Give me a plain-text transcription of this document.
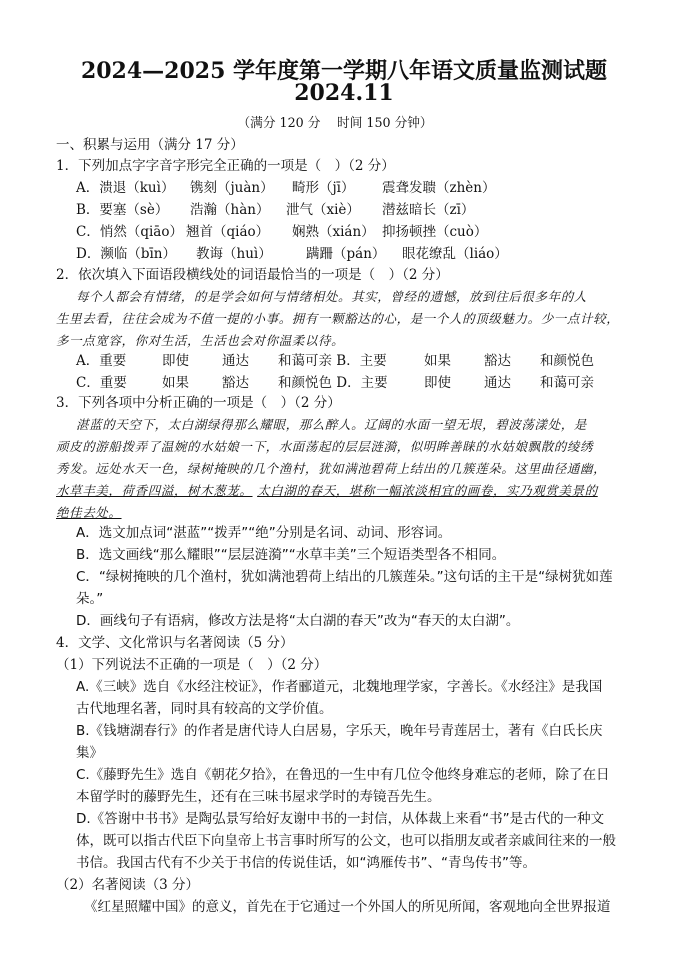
2024—2025 学年度第一学期八年语文质量监测试题
2024.11
（满分 120 分　 时间 150 分钟）
一、积累与运用（满分 17 分）
1．下列加点字字音字形完全正确的一项是（　）（2 分）
A．溃退（kuì） 镌刻（juàn） 畸形（jī） 震聋发聩（zhèn）
B．要塞（sè） 浩瀚（hàn） 泄气（xiè） 潜兹暗长（zī）
C．悄然（qiāo） 翘首（qiáo） 娴熟（xián） 抑扬顿挫（cuò）
D．濒临（bīn） 教诲（huì）	蹒跚（pán） 眼花缭乱（liáo）
2．依次填入下面语段横线处的词语最恰当的一项是（　）（2 分）
每个人都会有情绪，的是学会如何与情绪相处。其实，曾经的遗憾，放到往后很多年的人
生里去看，往往会成为不值一提的小事。拥有一颗豁达的心，是一个人的顶级魅力。少一点计较，
多一点宽容，你对生活，生活也会对你温柔以待。
A．重要	即使 通达 和蔼可亲 B．主要	如果 豁达 和颜悦色
C．重要	如果 豁达 和颜悦色 D．主要	即使 通达 和蔼可亲
3．下列各项中分析正确的一项是（　）（2 分）
湛蓝的天空下，太白湖绿得那么耀眼，那么醉人。辽阔的水面一望无垠，碧波荡漾处，是
顽皮的游船拨弄了温婉的水姑娘一下，水面荡起的层层涟漪，似明眸善睐的水姑娘飘散的绫绣
秀发。远处水天一色，绿树掩映的几个渔村，犹如满池碧荷上结出的几簇莲朵。这里曲径通幽，
水草丰美，荷香四溢，树木葱茏。 太白湖的春天，堪称一幅浓淡相宜的画卷，实乃观赏美景的
绝佳去处。
A．选文加点词“湛蓝”“拨弄”“绝”分别是名词、动词、形容词。
B．选文画线“那么耀眼”“层层涟漪”“水草丰美”三个短语类型各不相同。
C．“绿树掩映的几个渔村，犹如满池碧荷上结出的几簇莲朵。”这句话的主干是“绿树犹如莲
朵。”
D．画线句子有语病，修改方法是将“太白湖的春天”改为“春天的太白湖”。
4．文学、文化常识与名著阅读（5 分）
（1）下列说法不正确的一项是（　）（2 分）
A.《三峡》选自《水经注校证》，作者郦道元，北魏地理学家，字善长。《水经注》是我国
古代地理名著，同时具有较高的文学价值。
B.《钱塘湖春行》的作者是唐代诗人白居易，字乐天，晚年号青莲居士，著有《白氏长庆
集》
C.《藤野先生》选自《朝花夕拾》，在鲁迅的一生中有几位令他终身难忘的老师，除了在日
本留学时的藤野先生，还有在三味书屋求学时的寿镜吾先生。
D.《答谢中书书》是陶弘景写给好友谢中书的一封信，从体裁上来看“书”是古代的一种文
体，既可以指古代臣下向皇帝上书言事时所写的公文，也可以指朋友或者亲戚间往来的一般
书信。我国古代有不少关于书信的传说佳话，如“鸿雁传书”、“青鸟传书”等。
（2）名著阅读（3 分）
《红星照耀中国》的意义，首先在于它通过一个外国人的所见所闻，客观地向全世界报道
